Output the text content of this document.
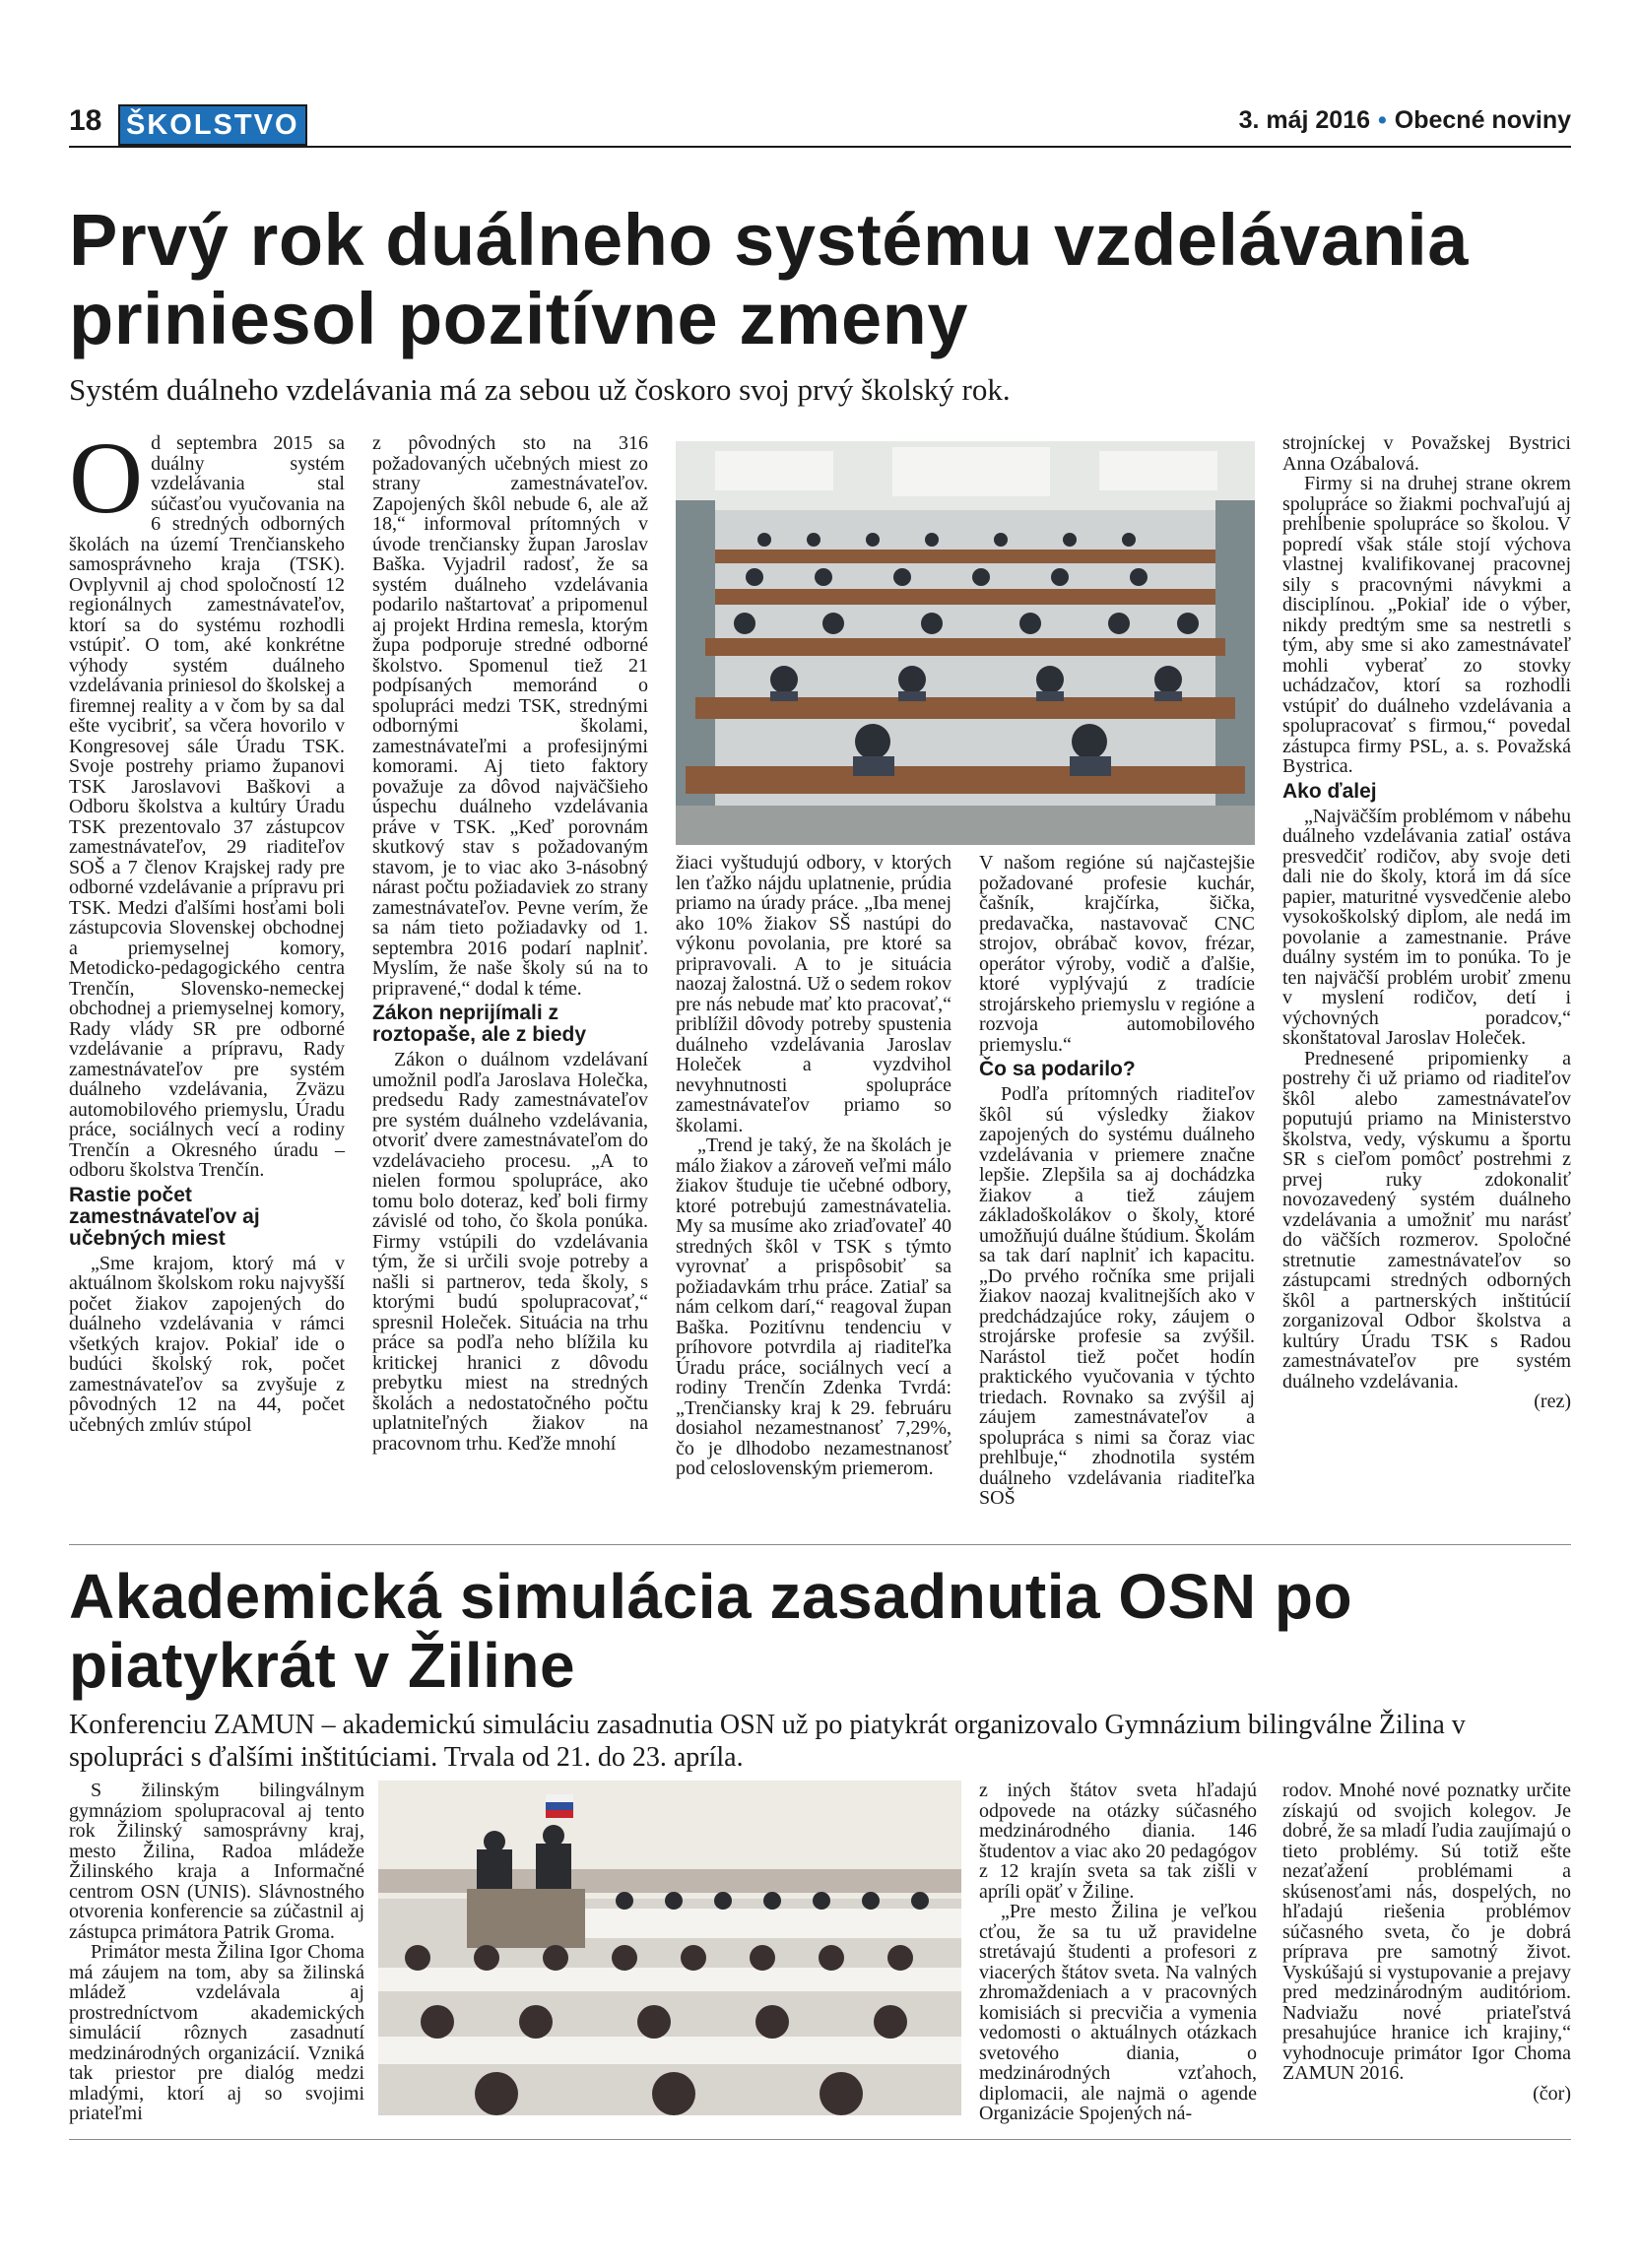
18 ŠKOLSTVO	3. máj 2016 • Obecné noviny
Prvý rok duálneho systému vzdelávania priniesol pozitívne zmeny
Systém duálneho vzdelávania má za sebou už čoskoro svoj prvý školský rok.
O d septembra 2015 sa duálny systém vzdelávania stal súčasťou vyučovania na 6 stredných odborných školách na území Trenčianskeho samosprávneho kraja (TSK). Ovplyvnil aj chod spoločností 12 regionálnych zamestnávateľov, ktorí sa do systému rozhodli vstúpiť. O tom, aké konkrétne výhody systém duálneho vzdelávania priniesol do školskej a firemnej reality a v čom by sa dal ešte vycibriť, sa včera hovorilo v Kongresovej sále Úradu TSK. Svoje postrehy priamo županovi TSK Jaroslavovi Baškovi a Odboru školstva a kultúry Úradu TSK prezentovalo 37 zástupcov zamestnávateľov, 29 riaditeľov SOŠ a 7 členov Krajskej rady pre odborné vzdelávanie a prípravu pri TSK. Medzi ďalšími hosťami boli zástupcovia Slovenskej obchodnej a priemyselnej komory, Metodicko-pedagogického centra Trenčín, Slovensko-nemeckej obchodnej a priemyselnej komory, Rady vlády SR pre odborné vzdelávanie a prípravu, Rady zamestnávateľov pre systém duálneho vzdelávania, Zväzu automobilového priemyslu, Úradu práce, sociálnych vecí a rodiny Trenčín a Okresného úradu – odboru školstva Trenčín.

Rastie počet zamestnávateľov aj učebných miest

„Sme krajom, ktorý má v aktuálnom školskom roku najvyšší počet žiakov zapojených do duálneho vzdelávania v rámci všetkých krajov. Pokiaľ ide o budúci školský rok, počet zamestnávateľov sa zvyšuje z pôvodných 12 na 44, počet učebných zmlúv stúpol

z pôvodných sto na 316 požadovaných učebných miest zo strany zamestnávateľov. Zapojených škôl nebude 6, ale až 18,“ informoval prítomných v úvode trenčiansky župan Jaroslav Baška. Vyjadril radosť, že sa systém duálneho vzdelávania podarilo naštartovať a pripomenul aj projekt Hrdina remesla, ktorým župa podporuje stredné odborné školstvo. Spomenul tiež 21 podpísaných memoránd o spolupráci medzi TSK, strednými odbornými školami, zamestnávateľmi a profesijnými komorami. Aj tieto faktory považuje za dôvod najväčšieho úspechu duálneho vzdelávania práve v TSK. „Keď porovnám skutkový stav s požadovaným stavom, je to viac ako 3-násobný nárast počtu požiadaviek zo strany zamestnávateľov. Pevne verím, že sa nám tieto požiadavky od 1. septembra 2016 podarí naplniť. Myslím, že naše školy sú na to pripravené,“ dodal k téme.

Zákon neprijímali z roztopaše, ale z biedy

Zákon o duálnom vzdelávaní umožnil podľa Jaroslava Holečka, predsedu Rady zamestnávateľov pre systém duálneho vzdelávania, otvoriť dvere zamestnávateľom do vzdelávacieho procesu. „A to nielen formou spolupráce, ako tomu bolo doteraz, keď boli firmy závislé od toho, čo škola ponúka. Firmy vstúpili do vzdelávania tým, že si určili svoje potreby a našli si partnerov, teda školy, s ktorými budú spolupracovať,“ spresnil Holeček. Situácia na trhu práce sa podľa neho blížila ku kritickej hranici z dôvodu prebytku miest na stredných školách a nedostatočného počtu uplatniteľných žiakov na pracovnom trhu. Keďže mnohí

žiaci vyštudujú odbory, v ktorých len ťažko nájdu uplatnenie, prúdia priamo na úrady práce. „Iba menej ako 10% žiakov SŠ nastúpi do výkonu povolania, pre ktoré sa pripravovali. A to je situácia naozaj žalostná. Už o sedem rokov pre nás nebude mať kto pracovať,“ priblížil dôvody potreby spustenia duálneho vzdelávania Jaroslav Holeček a vyzdvihol nevyhnutnosti spolupráce zamestnávateľov priamo so školami.

„Trend je taký, že na školách je málo žiakov a zároveň veľmi málo žiakov študuje tie učebné odbory, ktoré potrebujú zamestnávatelia. My sa musíme ako zriaďovateľ 40 stredných škôl v TSK s týmto vyrovnať a prispôsobiť sa požiadavkám trhu práce. Zatiaľ sa nám celkom darí,“ reagoval župan Baška. Pozitívnu tendenciu v príhovore potvrdila aj riaditeľka Úradu práce, sociálnych vecí a rodiny Trenčín Zdenka Tvrdá: „Trenčiansky kraj k 29. februáru dosiahol nezamestnanosť 7,29%, čo je dlhodobo nezamestnanosť pod celoslovenským priemerom.

V našom regióne sú najčastejšie požadované profesie kuchár, čašník, krajčírka, šička, predavačka, nastavovač CNC strojov, obrábač kovov, frézar, operátor výroby, vodič a ďalšie, ktoré vyplývajú z tradície strojárskeho priemyslu v regióne a rozvoja automobilového priemyslu.“

Čo sa podarilo?

Podľa prítomných riaditeľov škôl sú výsledky žiakov zapojených do systému duálneho vzdelávania v priemere značne lepšie. Zlepšila sa aj dochádzka žiakov a tiež záujem základoškolákov o školy, ktoré umožňujú duálne štúdium. Školám sa tak darí naplniť ich kapacitu. „Do prvého ročníka sme prijali žiakov naozaj kvalitnejších ako v predchádzajúce roky, záujem o strojárske profesie sa zvýšil. Narástol tiež počet hodín praktického vyučovania v týchto triedach. Rovnako sa zvýšil aj záujem zamestnávateľov a spolupráca s nimi sa čoraz viac prehlbuje,“ zhodnotila systém duálneho vzdelávania riaditeľka SOŠ

strojníckej v Považskej Bystrici Anna Ozábalová.

Firmy si na druhej strane okrem spolupráce so žiakmi pochvaľujú aj prehĺbenie spolupráce so školou. V popredí však stále stojí výchova vlastnej kvalifikovanej pracovnej sily s pracovnými návykmi a disciplínou. „Pokiaľ ide o výber, nikdy predtým sme sa nestretli s tým, aby sme si ako zamestnávateľ mohli vyberať zo stovky uchádzačov, ktorí sa rozhodli vstúpiť do duálneho vzdelávania a spolupracovať s firmou,“ povedal zástupca firmy PSL, a. s. Považská Bystrica.

Ako ďalej

„Najväčším problémom v nábehu duálneho vzdelávania zatiaľ ostáva presvedčiť rodičov, aby svoje deti dali nie do školy, ktorá im dá síce papier, maturitné vysvedčenie alebo vysokoškolský diplom, ale nedá im povolanie a zamestnanie. Práve duálny systém im to ponúka. To je ten najväčší problém urobiť zmenu v myslení rodičov, detí i výchovných poradcov,“ skonštatoval Jaroslav Holeček.

Prednesené pripomienky a postrehy či už priamo od riaditeľov škôl alebo zamestnávateľov poputujú priamo na Ministerstvo školstva, vedy, výskumu a športu SR s cieľom pomôcť postrehmi z prvej ruky zdokonaliť novozavedený systém duálneho vzdelávania a umožniť mu narásť do väčších rozmerov. Spoločné stretnutie zamestnávateľov so zástupcami stredných odborných škôl a partnerských inštitúcií zorganizoval Odbor školstva a kultúry Úradu TSK s Radou zamestnávateľov pre systém duálneho vzdelávania.

(rez)

Akademická simulácia zasadnutia OSN po piatykrát v Žiline
Konferenciu ZAMUN – akademickú simuláciu zasadnutia OSN už po piatykrát organizovalo Gymnázium bilingválne Žilina v spolupráci s ďalšími inštitúciami. Trvala od 21. do 23. apríla.

S žilinským bilingválnym gymnáziom spolupracoval aj tento rok Žilinský samosprávny kraj, mesto Žilina, Radoa mládeže Žilinského kraja a Informačné centrom OSN (UNIS). Slávnostného otvorenia konferencie sa zúčastnil aj zástupca primátora Patrik Groma.

Primátor mesta Žilina Igor Choma má záujem na tom, aby sa žilinská mládež vzdelávala aj prostredníctvom akademických simulácií rôznych zasadnutí medzinárodných organizácií. Vzniká tak priestor pre dialóg medzi mladými, ktorí aj so svojimi priateľmi

z iných štátov sveta hľadajú odpovede na otázky súčasného medzinárodného diania. 146 študentov a viac ako 20 pedagógov z 12 krajín sveta sa tak zišli v apríli opäť v Žiline.

„Pre mesto Žilina je veľkou cťou, že sa tu už pravidelne stretávajú študenti a profesori z viacerých štátov sveta. Na valných zhromaždeniach a v pracovných komisiách si precvičia a vymenia vedomosti o aktuálnych otázkach svetového diania, o medzinárodných vzťahoch, diplomacii, ale najmä o agende Organizácie Spojených ná-

rodov. Mnohé nové poznatky určite získajú od svojich kolegov. Je dobré, že sa mladí ľudia zaujímajú o tieto problémy. Sú totiž ešte nezaťažení problémami a skúsenosťami nás, dospelých, no hľadajú riešenia problémov súčasného sveta, čo je dobrá príprava pre samotný život. Vyskúšajú si vystupovanie a prejavy pred medzinárodným auditóriom. Nadviažu nové priateľstvá presahujúce hranice ich krajiny,“ vyhodnocuje primátor Igor Choma ZAMUN 2016.

(čor)
